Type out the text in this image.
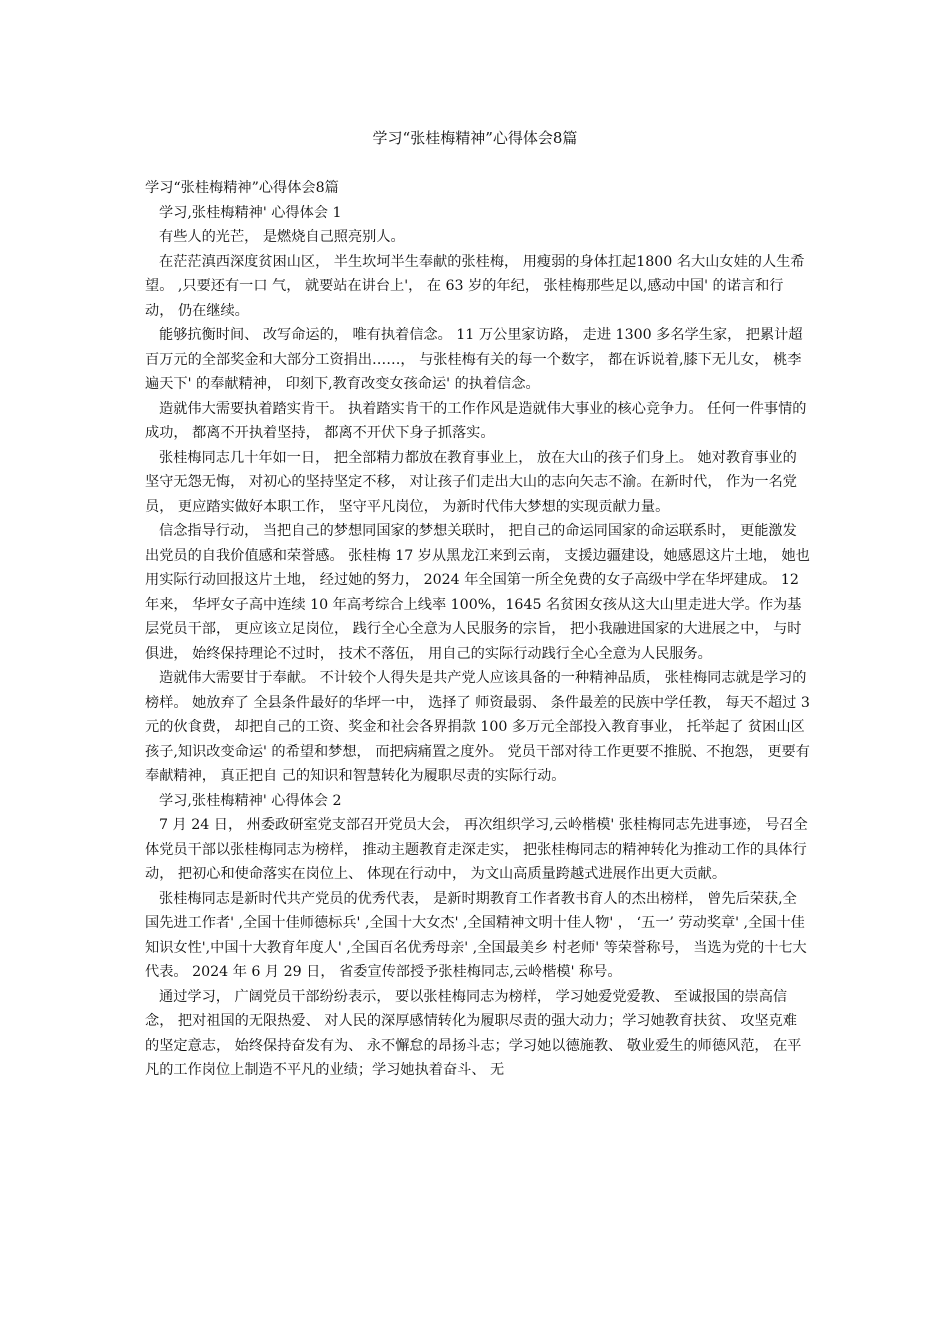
学习“张桂梅精神”心得体会8篇

学习“张桂梅精神”心得体会8篇

学习,张桂梅精神' 心得体会 1

有些人的光芒， 是燃烧自己照亮别人。

在茫茫滇西深度贫困山区， 半生坎坷半生奉献的张桂梅， 用瘦弱的身体扛起1800 名大山女娃的人生希望。 ,只要还有一口 气， 就要站在讲台上'， 在 63 岁的年纪， 张桂梅那些足以,感动中国' 的诺言和行动， 仍在继续。

能够抗衡时间、 改写命运的， 唯有执着信念。 11 万公里家访路， 走进 1300 多名学生家， 把累计超百万元的全部奖金和大部分工资捐出……， 与张桂梅有关的每一个数字， 都在诉说着,膝下无儿女， 桃李遍天下' 的奉献精神， 印刻下,教育改变女孩命运' 的执着信念。

造就伟大需要执着踏实肯干。 执着踏实肯干的工作作风是造就伟大事业的核心竞争力。 任何一件事情的成功， 都离不开执着坚持， 都离不开伏下身子抓落实。

张桂梅同志几十年如一日， 把全部精力都放在教育事业上， 放在大山的孩子们身上。 她对教育事业的坚守无怨无悔， 对初心的坚持坚定不移， 对让孩子们走出大山的志向矢志不渝。在新时代， 作为一名党员， 更应踏实做好本职工作， 坚守平凡岗位， 为新时代伟大梦想的实现贡献力量。

信念指导行动， 当把自己的梦想同国家的梦想关联时， 把自己的命运同国家的命运联系时， 更能激发出党员的自我价值感和荣誉感。 张桂梅 17 岁从黑龙江来到云南， 支援边疆建设，她感恩这片土地， 她也用实际行动回报这片土地， 经过她的努力， 2024 年全国第一所全免费的女子高级中学在华坪建成。 12 年来， 华坪女子高中连续 10 年高考综合上线率 100%，1645 名贫困女孩从这大山里走进大学。作为基层党员干部， 更应该立足岗位， 践行全心全意为人民服务的宗旨， 把小我融进国家的大进展之中， 与时俱进， 始终保持理论不过时， 技术不落伍， 用自己的实际行动践行全心全意为人民服务。

造就伟大需要甘于奉献。 不计较个人得失是共产党人应该具备的一种精神品质， 张桂梅同志就是学习的榜样。 她放弃了 全县条件最好的华坪一中， 选择了 师资最弱、 条件最差的民族中学任教， 每天不超过 3 元的伙食费， 却把自己的工资、奖金和社会各界捐款 100 多万元全部投入教育事业， 托举起了 贫困山区孩子,知识改变命运' 的希望和梦想， 而把病痛置之度外。 党员干部对待工作更要不推脱、不抱怨， 更要有奉献精神， 真正把自 己的知识和智慧转化为履职尽责的实际行动。

学习,张桂梅精神' 心得体会 2

7 月 24 日， 州委政研室党支部召开党员大会， 再次组织学习,云岭楷模' 张桂梅同志先进事迹， 号召全体党员干部以张桂梅同志为榜样， 推动主题教育走深走实， 把张桂梅同志的精神转化为推动工作的具体行动， 把初心和使命落实在岗位上、 体现在行动中， 为文山高质量跨越式进展作出更大贡献。

张桂梅同志是新时代共产党员的优秀代表， 是新时期教育工作者教书育人的杰出榜样， 曾先后荣获,全国先进工作者' ,全国十佳师德标兵' ,全国十大女杰' ,全国精神文明十佳人物' ， ‘五一’ 劳动奖章' ,全国十佳知识女性',中国十大教育年度人' ,全国百名优秀母亲' ,全国最美乡 村老师' 等荣誉称号， 当选为党的十七大代表。 2024 年 6 月 29 日， 省委宣传部授予张桂梅同志,云岭楷模' 称号。

通过学习， 广阔党员干部纷纷表示， 要以张桂梅同志为榜样， 学习她爱党爱教、 至诚报国的崇高信念， 把对祖国的无限热爱、 对人民的深厚感情转化为履职尽责的强大动力；学习她教育扶贫、 攻坚克难的坚定意志， 始终保持奋发有为、 永不懈怠的昂扬斗志；学习她以德施教、 敬业爱生的师德风范， 在平凡的工作岗位上制造不平凡的业绩；学习她执着奋斗、 无
